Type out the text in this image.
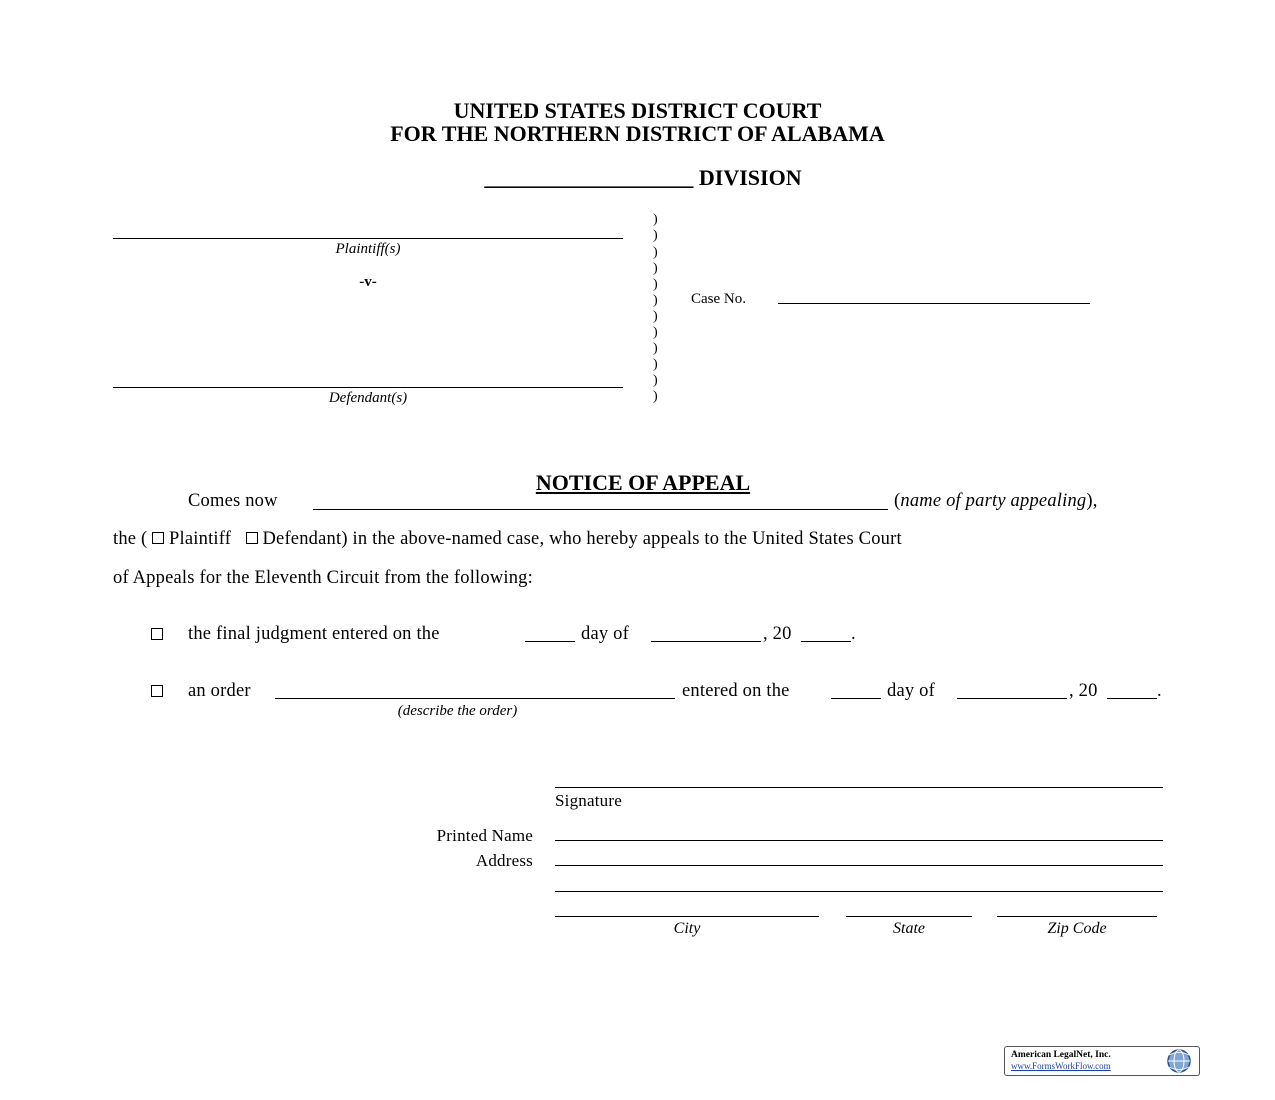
UNITED STATES DISTRICT COURT
FOR THE NORTHERN DISTRICT OF ALABAMA

___________________ DIVISION

Plaintiff(s)
-v-
Defendant(s)
)
)
)
)
)
)
)
)
)
)
)
)
Case No.

NOTICE OF APPEAL

Comes now	(name of party appealing),
the ( Plaintiff Defendant) in the above-named case, who hereby appeals to the United States Court
of Appeals for the Eleventh Circuit from the following:
the final judgment entered on the	day of	, 20	.
an order	entered on the	day of	, 20	.
(describe the order)
Signature
Printed Name
Address
City	State	Zip Code
American LegalNet, Inc.
www.FormsWorkFlow.com
